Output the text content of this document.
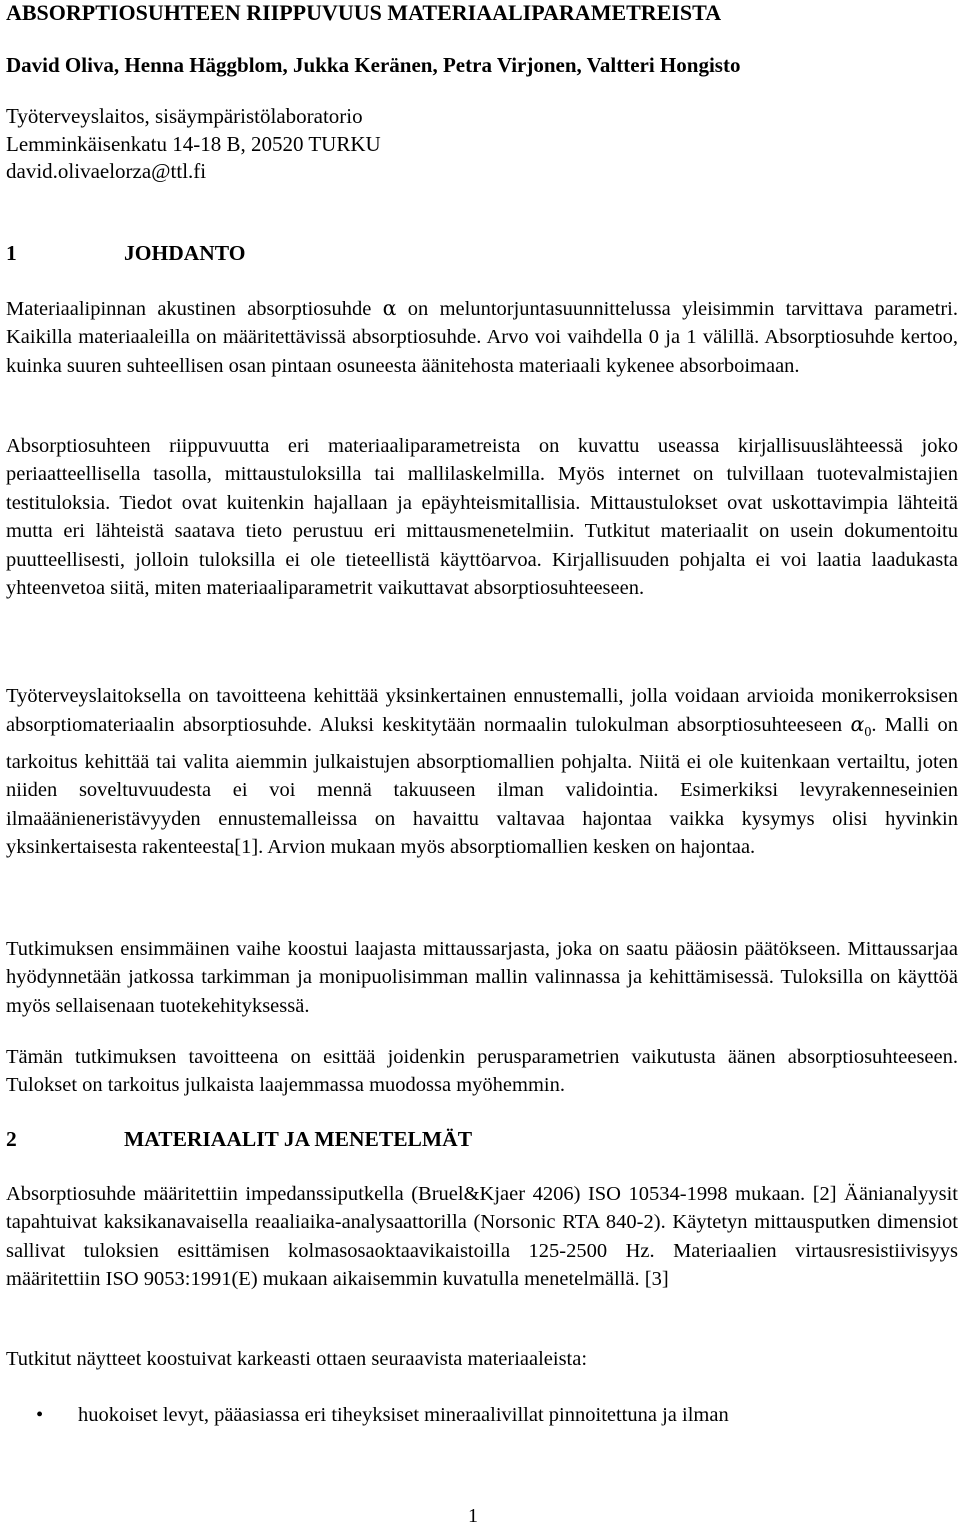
ABSORPTIOSUHTEEN RIIPPUVUUS MATERIAALIPARAMETREISTA
David Oliva, Henna Häggblom, Jukka Keränen, Petra Virjonen, Valtteri Hongisto
Työterveyslaitos, sisäympäristölaboratorio
Lemminkäisenkatu 14-18 B, 20520 TURKU
david.olivaelorza@ttl.fi
1	JOHDANTO

Materiaalipinnan akustinen absorptiosuhde α on meluntorjuntasuunnittelussa yleisimmin tarvittava parametri. Kaikilla materiaaleilla on määritettävissä absorptiosuhde. Arvo voi vaihdella 0 ja 1 välillä. Absorptiosuhde kertoo, kuinka suuren suhteellisen osan pintaan osuneesta äänitehosta materiaali kykenee absorboimaan.

Absorptiosuhteen riippuvuutta eri materiaaliparametreista on kuvattu useassa kirjallisuuslähteessä joko periaatteellisella tasolla, mittaustuloksilla tai mallilaskelmilla. Myös internet on tulvillaan tuotevalmistajien testituloksia. Tiedot ovat kuitenkin hajallaan ja epäyhteismitallisia. Mittaustulokset ovat uskottavimpia lähteitä mutta eri lähteistä saatava tieto perustuu eri mittausmenetelmiin. Tutkitut materiaalit on usein dokumentoitu puutteellisesti, jolloin tuloksilla ei ole tieteellistä käyttöarvoa. Kirjallisuuden pohjalta ei voi laatia laadukasta yhteenvetoa siitä, miten materiaaliparametrit vaikuttavat absorptiosuhteeseen.

Työterveyslaitoksella on tavoitteena kehittää yksinkertainen ennustemalli, jolla voidaan arvioida monikerroksisen absorptiomateriaalin absorptiosuhde. Aluksi keskitytään normaalin tulokulman absorptiosuhteeseen $\alpha_0$. Malli on tarkoitus kehittää tai valita aiemmin julkaistujen absorptiomallien pohjalta. Niitä ei ole kuitenkaan vertailtu, joten niiden soveltuvuudesta ei voi mennä takuuseen ilman validointia. Esimerkiksi levyrakenneseinien ilmaäänieneristävyyden ennustemalleissa on havaittu valtavaa hajontaa vaikka kysymys olisi hyvinkin yksinkertaisesta rakenteesta[1]. Arvion mukaan myös absorptiomallien kesken on hajontaa.

Tutkimuksen ensimmäinen vaihe koostui laajasta mittaussarjasta, joka on saatu pääosin päätökseen. Mittaussarjaa hyödynnetään jatkossa tarkimman ja monipuolisimman mallin valinnassa ja kehittämisessä. Tuloksilla on käyttöä myös sellaisenaan tuotekehityksessä.

Tämän tutkimuksen tavoitteena on esittää joidenkin perusparametrien vaikutusta äänen absorptiosuhteeseen. Tulokset on tarkoitus julkaista laajemmassa muodossa myöhemmin.

2	MATERIAALIT JA MENETELMÄT

Absorptiosuhde määritettiin impedanssiputkella (Bruel&Kjaer 4206) ISO 10534-1998 mukaan. [2] Äänianalyysit tapahtuivat kaksikanavaisella reaaliaika-analysaattorilla (Norsonic RTA 840-2). Käytetyn mittausputken dimensiot sallivat tuloksien esittämisen kolmasosaoktaavikaistoilla 125-2500 Hz. Materiaalien virtausresistiivisyys määritettiin ISO 9053:1991(E) mukaan aikaisemmin kuvatulla menetelmällä. [3]

Tutkitut näytteet koostuivat karkeasti ottaen seuraavista materiaaleista:

• huokoiset levyt, pääasiassa eri tiheyksiset mineraalivillat pinnoitettuna ja ilman
1
